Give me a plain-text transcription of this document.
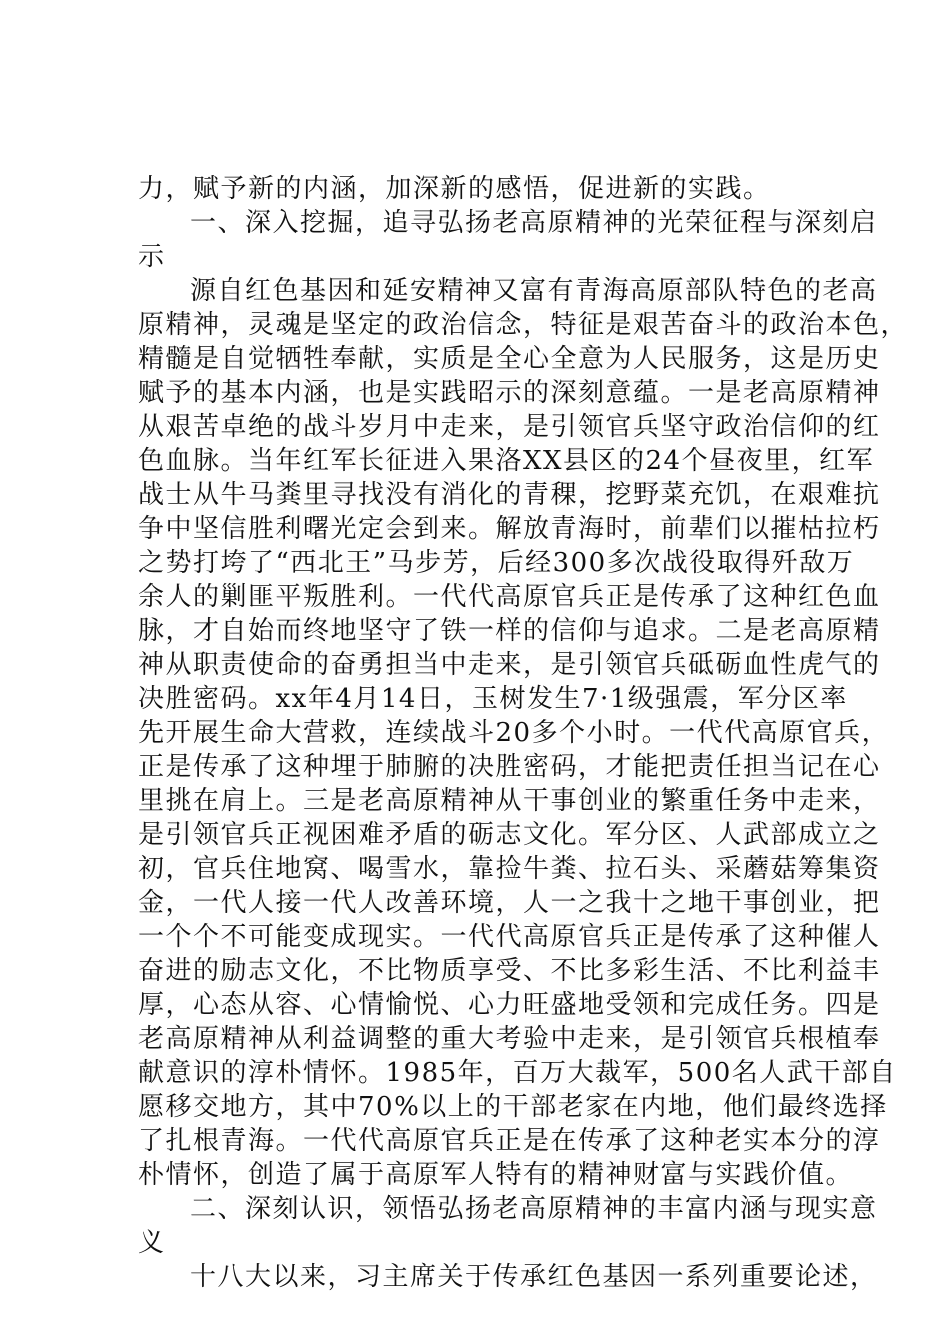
力，赋予新的内涵，加深新的感悟，促进新的实践。
一、深入挖掘，追寻弘扬老高原精神的光荣征程与深刻启
示
源自红色基因和延安精神又富有青海高原部队特色的老高
原精神，灵魂是坚定的政治信念，特征是艰苦奋斗的政治本色，
精髓是自觉牺牲奉献，实质是全心全意为人民服务，这是历史
赋予的基本内涵，也是实践昭示的深刻意蕴。一是老高原精神
从艰苦卓绝的战斗岁月中走来，是引领官兵坚守政治信仰的红
色血脉。当年红军长征进入果洛XX县区的24个昼夜里，红军
战士从牛马粪里寻找没有消化的青稞，挖野菜充饥，在艰难抗
争中坚信胜利曙光定会到来。解放青海时，前辈们以摧枯拉朽
之势打垮了“西北王”马步芳，后经300多次战役取得歼敌万
余人的剿匪平叛胜利。一代代高原官兵正是传承了这种红色血
脉，才自始而终地坚守了铁一样的信仰与追求。二是老高原精
神从职责使命的奋勇担当中走来，是引领官兵砥砺血性虎气的
决胜密码。xx年4月14日，玉树发生7·1级强震，军分区率
先开展生命大营救，连续战斗20多个小时。一代代高原官兵，
正是传承了这种埋于肺腑的决胜密码，才能把责任担当记在心
里挑在肩上。三是老高原精神从干事创业的繁重任务中走来，
是引领官兵正视困难矛盾的砺志文化。军分区、人武部成立之
初，官兵住地窝、喝雪水，靠捡牛粪、拉石头、采蘑菇筹集资
金，一代人接一代人改善环境，人一之我十之地干事创业，把
一个个不可能变成现实。一代代高原官兵正是传承了这种催人
奋进的励志文化，不比物质享受、不比多彩生活、不比利益丰
厚，心态从容、心情愉悦、心力旺盛地受领和完成任务。四是
老高原精神从利益调整的重大考验中走来，是引领官兵根植奉
献意识的淳朴情怀。1985年，百万大裁军，500名人武干部自
愿移交地方，其中70%以上的干部老家在内地，他们最终选择
了扎根青海。一代代高原官兵正是在传承了这种老实本分的淳
朴情怀，创造了属于高原军人特有的精神财富与实践价值。
二、深刻认识，领悟弘扬老高原精神的丰富内涵与现实意
义
十八大以来，习主席关于传承红色基因一系列重要论述，
